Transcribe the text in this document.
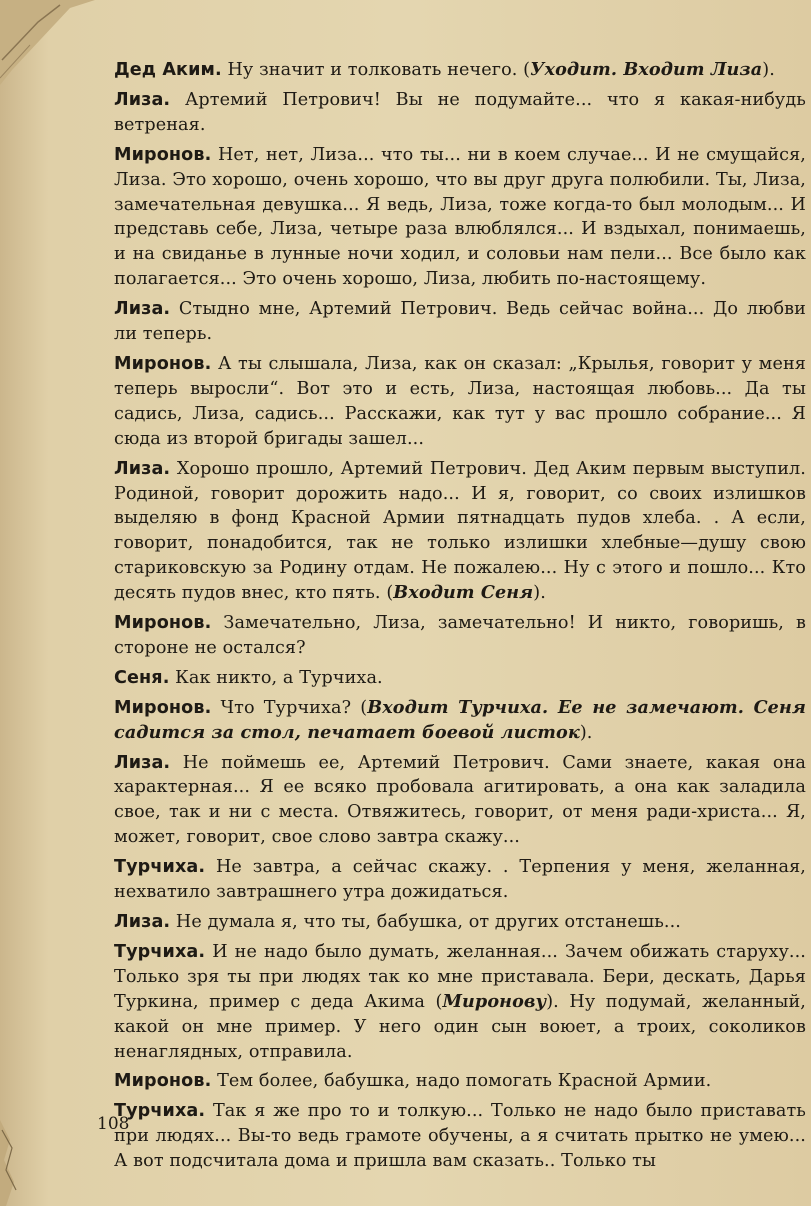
Дед Аким. Ну значит и толковать нечего. (Уходит. Входит Лиза).

Лиза. Артемий Петрович! Вы не подумайте... что я какая-нибудь ветреная.

Миронов. Нет, нет, Лиза... что ты... ни в коем случае... И не смущайся, Лиза. Это хорошо, очень хорошо, что вы друг друга полюбили. Ты, Лиза, замечательная девушка... Я ведь, Лиза, тоже когда-то был молодым... И представь себе, Лиза, четыре раза влюблялся... И вздыхал, понимаешь, и на свиданье в лунные ночи ходил, и соловьи нам пели... Все было как полагается... Это очень хорошо, Лиза, любить по-настоящему.

Лиза. Стыдно мне, Артемий Петрович. Ведь сейчас война... До любви ли теперь.

Миронов. А ты слышала, Лиза, как он сказал: „Крылья, говорит у меня теперь выросли“. Вот это и есть, Лиза, настоящая любовь... Да ты садись, Лиза, садись... Расскажи, как тут у вас прошло собрание... Я сюда из второй бригады зашел...

Лиза. Хорошо прошло, Артемий Петрович. Дед Аким первым выступил. Родиной, говорит дорожить надо... И я, говорит, со своих излишков выделяю в фонд Красной Армии пятнадцать пудов хлеба. . А если, говорит, понадобится, так не только излишки хлебные—душу свою стариковскую за Родину отдам. Не пожалею... Ну с этого и пошло... Кто десять пудов внес, кто пять. (Входит Сеня).

Миронов. Замечательно, Лиза, замечательно! И никто, говоришь, в стороне не остался?

Сеня. Как никто, а Турчиха.

Миронов. Что Турчиха? (Входит Турчиха. Ее не замечают. Сеня садится за стол, печатает боевой листок).

Лиза. Не поймешь ее, Артемий Петрович. Сами знаете, какая она характерная... Я ее всяко пробовала агитировать, а она как заладила свое, так и ни с места. Отвяжитесь, говорит, от меня ради-христа... Я, может, говорит, свое слово завтра скажу...

Турчиха. Не завтра, а сейчас скажу. . Терпения у меня, желанная, нехватило завтрашнего утра дожидаться.

Лиза. Не думала я, что ты, бабушка, от других отстанешь...

Турчиха. И не надо было думать, желанная... Зачем обижать старуху... Только зря ты при людях так ко мне приставала. Бери, дескать, Дарья Туркина, пример с деда Акима (Миронову). Ну подумай, желанный, какой он мне пример. У него один сын воюет, а троих, соколиков ненаглядных, отправила.

Миронов. Тем более, бабушка, надо помогать Красной Армии.

Турчиха. Так я же про то и толкую... Только не надо было приставать при людях... Вы-то ведь грамоте обучены, а я считать прытко не умею... А вот подсчитала дома и пришла вам сказать.. Только ты

108
